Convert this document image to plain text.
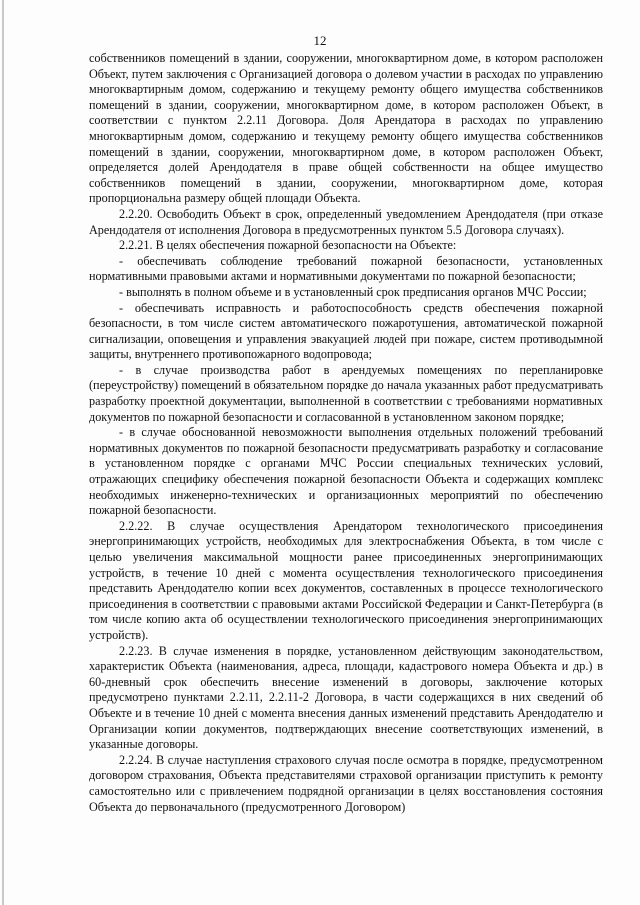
12

собственников помещений в здании, сооружении, многоквартирном доме, в котором расположен Объект, путем заключения с Организацией договора о долевом участии в расходах по управлению многоквартирным домом, содержанию и текущему ремонту общего имущества собственников помещений в здании, сооружении, многоквартирном доме, в котором расположен Объект, в соответствии с пунктом 2.2.11 Договора. Доля Арендатора в расходах по управлению многоквартирным домом, содержанию и текущему ремонту общего имущества собственников помещений в здании, сооружении, многоквартирном доме, в котором расположен Объект, определяется долей Арендодателя в праве общей собственности на общее имущество собственников помещений в здании, сооружении, многоквартирном доме, которая пропорциональна размеру общей площади Объекта.

2.2.20. Освободить Объект в срок, определенный уведомлением Арендодателя (при отказе Арендодателя от исполнения Договора в предусмотренных пунктом 5.5 Договора случаях).

2.2.21. В целях обеспечения пожарной безопасности на Объекте:

- обеспечивать соблюдение требований пожарной безопасности, установленных нормативными правовыми актами и нормативными документами по пожарной безопасности;

- выполнять в полном объеме и в установленный срок предписания органов МЧС России;

- обеспечивать исправность и работоспособность средств обеспечения пожарной безопасности, в том числе систем автоматического пожаротушения, автоматической пожарной сигнализации, оповещения и управления эвакуацией людей при пожаре, систем противодымной защиты, внутреннего противопожарного водопровода;

- в случае производства работ в арендуемых помещениях по перепланировке (переустройству) помещений в обязательном порядке до начала указанных работ предусматривать разработку проектной документации, выполненной в соответствии с требованиями нормативных документов по пожарной безопасности и согласованной в установленном законом порядке;

- в случае обоснованной невозможности выполнения отдельных положений требований нормативных документов по пожарной безопасности предусматривать разработку и согласование в установленном порядке с органами МЧС России специальных технических условий, отражающих специфику обеспечения пожарной безопасности Объекта и содержащих комплекс необходимых инженерно-технических и организационных мероприятий по обеспечению пожарной безопасности.

2.2.22. В случае осуществления Арендатором технологического присоединения энергопринимающих устройств, необходимых для электроснабжения Объекта, в том числе с целью увеличения максимальной мощности ранее присоединенных энергопринимающих устройств, в течение 10 дней с момента осуществления технологического присоединения представить Арендодателю копии всех документов, составленных в процессе технологического присоединения в соответствии с правовыми актами Российской Федерации и Санкт-Петербурга (в том числе копию акта об осуществлении технологического присоединения энергопринимающих устройств).

2.2.23. В случае изменения в порядке, установленном действующим законодательством, характеристик Объекта (наименования, адреса, площади, кадастрового номера Объекта и др.) в 60-дневный срок обеспечить внесение изменений в договоры, заключение которых предусмотрено пунктами 2.2.11, 2.2.11-2 Договора, в части содержащихся в них сведений об Объекте и в течение 10 дней с момента внесения данных изменений представить Арендодателю и Организации копии документов, подтверждающих внесение соответствующих изменений, в указанные договоры.

2.2.24. В случае наступления страхового случая после осмотра в порядке, предусмотренном договором страхования, Объекта представителями страховой организации приступить к ремонту самостоятельно или с привлечением подрядной организации в целях восстановления состояния Объекта до первоначального (предусмотренного Договором)
